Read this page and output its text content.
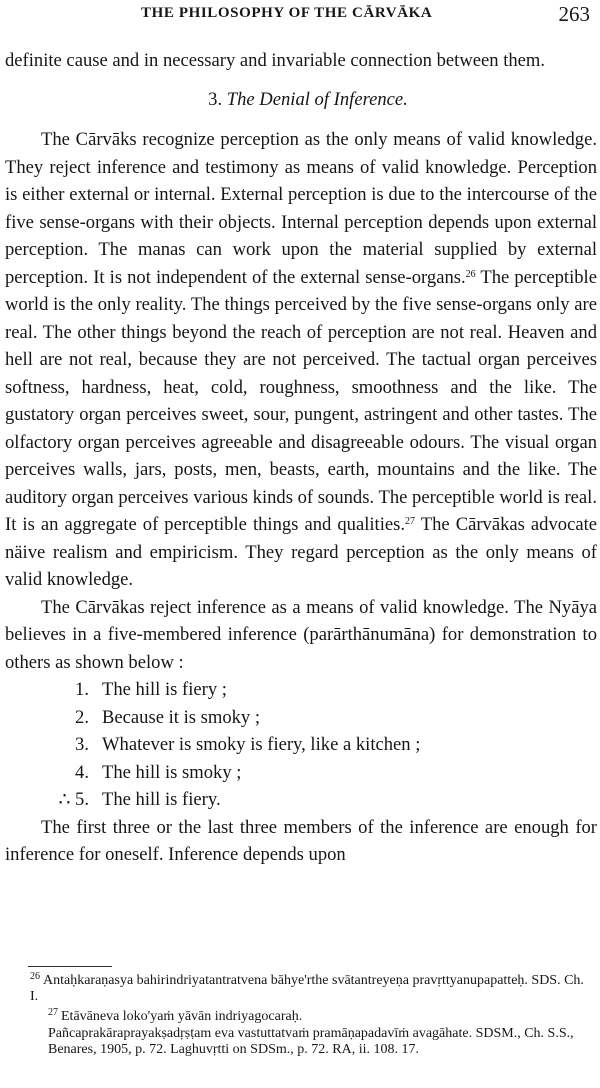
THE PHILOSOPHY OF THE CĀRVĀKA	263

definite cause and in necessary and invariable connection between them.

3. The Denial of Inference.

The Cārvāks recognize perception as the only means of valid knowledge. They reject inference and testimony as means of valid knowledge. Perception is either external or internal. External perception is due to the intercourse of the five sense-organs with their objects. Internal perception depends upon external perception. The manas can work upon the material supplied by external perception. It is not independent of the external sense-organs.$^{26}$ The perceptible world is the only reality. The things perceived by the five sense-organs only are real. The other things beyond the reach of perception are not real. Heaven and hell are not real, because they are not perceived. The tactual organ perceives softness, hardness, heat, cold, roughness, smoothness and the like. The gustatory organ perceives sweet, sour, pungent, astringent and other tastes. The olfactory organ perceives agreeable and disagreeable odours. The visual organ perceives walls, jars, posts, men, beasts, earth, mountains and the like. The auditory organ perceives various kinds of sounds. The perceptible world is real. It is an aggregate of perceptible things and qualities.$^{27}$ The Cārvākas advocate näive realism and empiricism. They regard perception as the only means of valid knowledge.

The Cārvākas reject inference as a means of valid knowledge. The Nyāya believes in a five-membered inference (parārthānumāna) for demonstration to others as shown below :

1. The hill is fiery ;
2. Because it is smoky ;
3. Whatever is smoky is fiery, like a kitchen ;
4. The hill is smoky ;
∴ 5. The hill is fiery.

The first three or the last three members of the inference are enough for inference for oneself. Inference depends upon

$^{26}$ Antaḥkaraṇasya bahirindriyatantratvena bāhye'rthe svātantreyeṇa pravṛttyanupapatteḥ. SDS. Ch. I.

$^{27}$ Etāvāneva loko'yaṁ yāvān indriyagocaraḥ.

Pañcaprakāraprayakṣadṛṣṭam eva vastuttatvaṁ pramāṇapadavīṁ avagāhate. SDSM., Ch. S.S., Benares, 1905, p. 72. Laghuvṛtti on SDSm., p. 72. RA, ii. 108. 17.
